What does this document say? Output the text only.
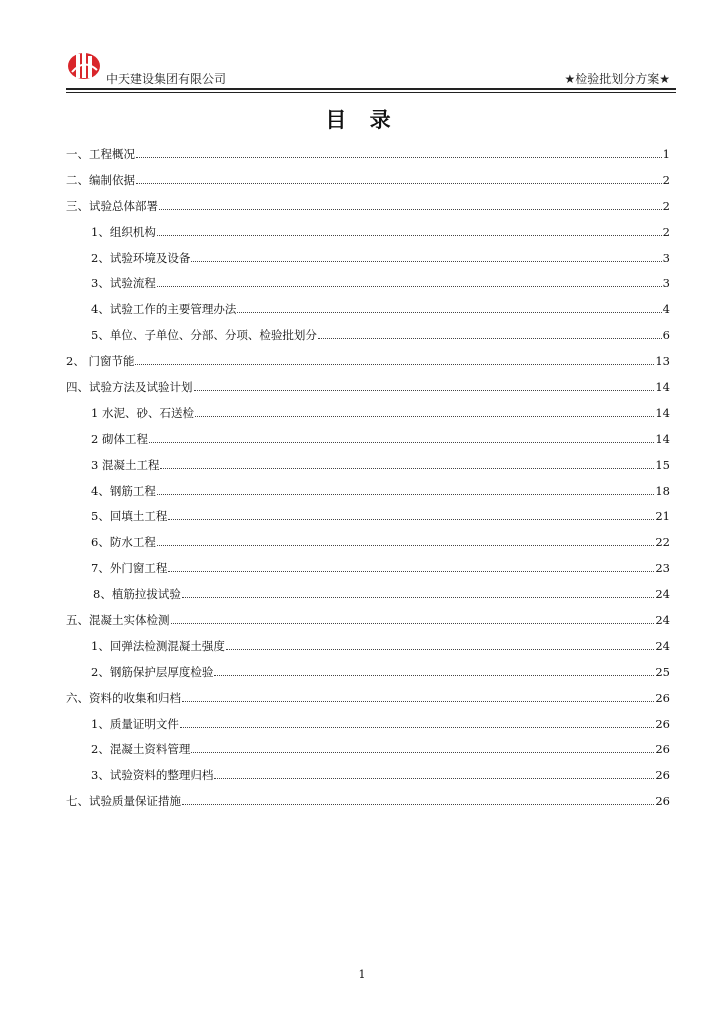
中天建设集团有限公司	★检验批划分方案★
目 录
一、工程概况	1
二、编制依据	2
三、试验总体部署	2
1、组织机构	2
2、试验环境及设备	3
3、试验流程	3
4、试验工作的主要管理办法	4
5、单位、子单位、分部、分项、检验批划分	6
2、 门窗节能	13
四、试验方法及试验计划	14
1 水泥、砂、石送检	14
2 砌体工程	14
3 混凝土工程	15
4、钢筋工程	18
5、回填土工程	21
6、防水工程	22
7、外门窗工程	23
8、植筋拉拔试验	24
五、混凝土实体检测	24
1、回弹法检测混凝土强度	24
2、钢筋保护层厚度检验	25
六、资料的收集和归档	26
1、质量证明文件	26
2、混凝土资料管理	26
3、试验资料的整理归档	26
七、试验质量保证措施	26
1
